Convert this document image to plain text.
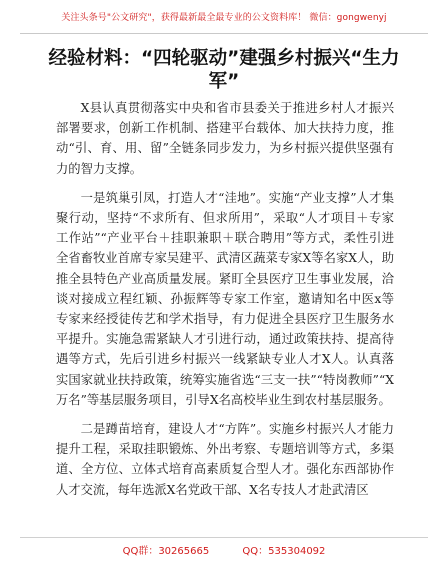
关注头条号"公文研究"，获得最新最全最专业的公文资料库！ 微信：gongwenyj
经验材料：“四轮驱动”建强乡村振兴“生力军”

X县认真贯彻落实中央和省市县委关于推进乡村人才振兴部署要求，创新工作机制、搭建平台载体、加大扶持力度，推动“引、育、用、留”全链条同步发力，为乡村振兴提供坚强有力的智力支撑。

一是筑巢引凤，打造人才“洼地”。实施“产业支撑”人才集聚行动，坚持“不求所有、但求所用”，采取“人才项目＋专家工作站”“产业平台＋挂职兼职＋联合聘用”等方式，柔性引进全省畜牧业首席专家吴建平、武清区蔬菜专家X等名家X人，助推全县特色产业高质量发展。紧盯全县医疗卫生事业发展，洽谈对接成立程红颖、孙振辉等专家工作室，邀请知名中医x等专家来经授徒传艺和学术指导，有力促进全县医疗卫生服务水平提升。实施急需紧缺人才引进行动，通过政策扶持、提高待遇等方式，先后引进乡村振兴一线紧缺专业人才X人。认真落实国家就业扶持政策，统筹实施省选“三支一扶”“特岗教师”“X万名”等基层服务项目，引导X名高校毕业生到农村基层服务。

二是蹲苗培育，建设人才“方阵”。实施乡村振兴人才能力提升工程，采取挂职锻炼、外出考察、专题培训等方式，多渠道、全方位、立体式培育高素质复合型人才。强化东西部协作人才交流，每年选派X名党政干部、X名专技人才赴武清区

QQ群：30265665	QQ：535304092
